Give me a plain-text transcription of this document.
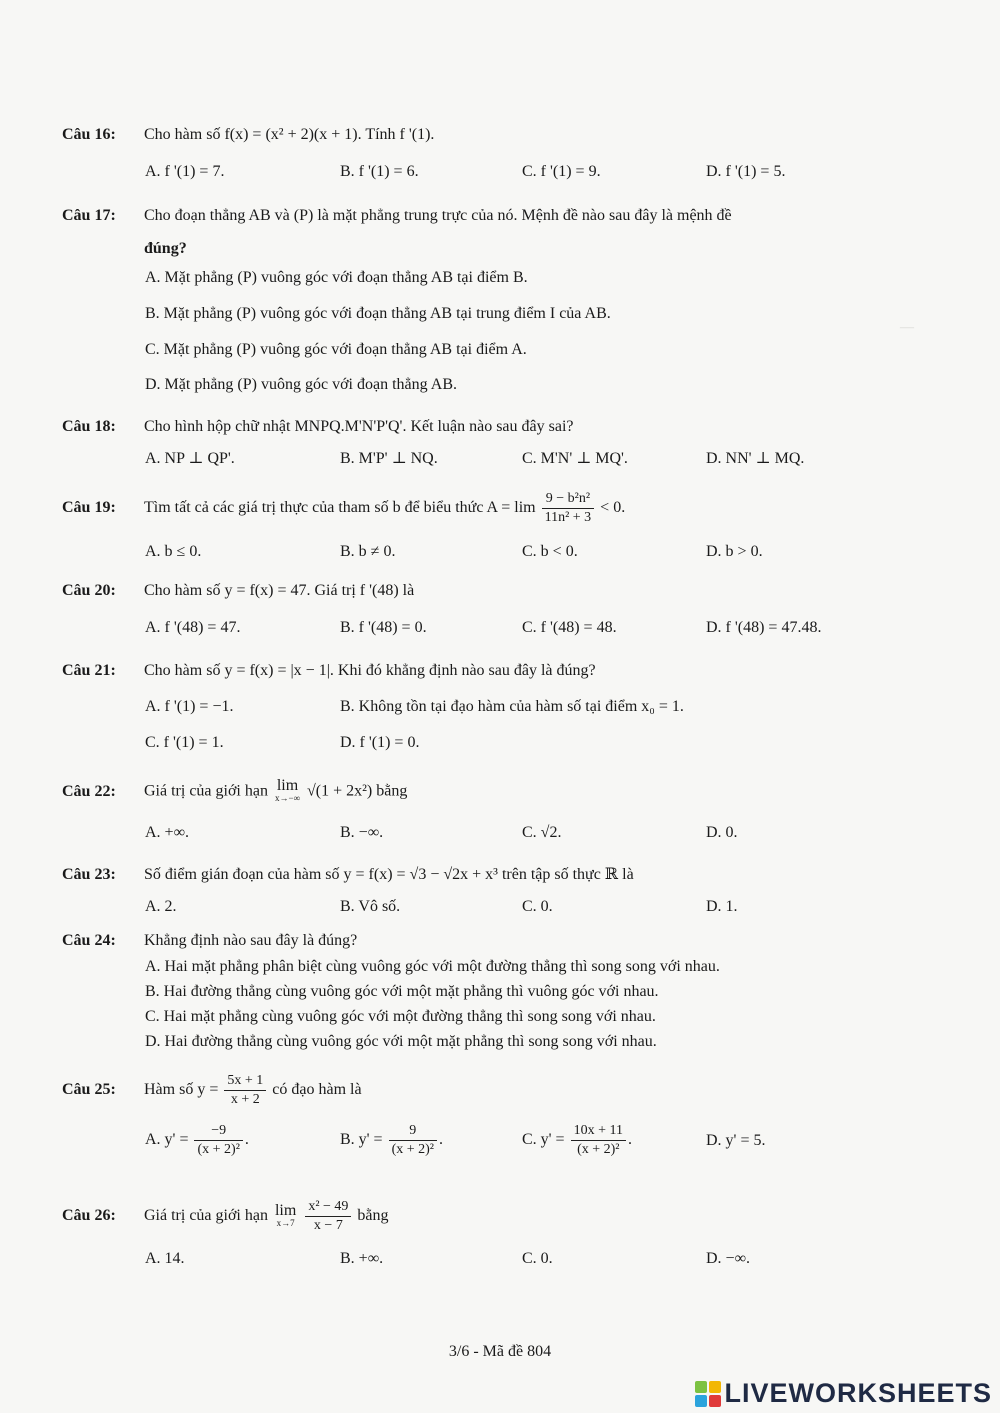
—
Câu 16: Cho hàm số f(x) = (x² + 2)(x + 1). Tính f '(1).
A. f '(1) = 7.	B. f '(1) = 6.	C. f '(1) = 9.	D. f '(1) = 5.
Câu 17: Cho đoạn thẳng AB và (P) là mặt phẳng trung trực của nó. Mệnh đề nào sau đây là mệnh đề
đúng?
A. Mặt phẳng (P) vuông góc với đoạn thẳng AB tại điểm B.
B. Mặt phẳng (P) vuông góc với đoạn thẳng AB tại trung điểm I của AB.
C. Mặt phẳng (P) vuông góc với đoạn thẳng AB tại điểm A.
D. Mặt phẳng (P) vuông góc với đoạn thẳng AB.
Câu 18: Cho hình hộp chữ nhật MNPQ.M'N'P'Q'. Kết luận nào sau đây sai?
A. NP ⊥ QP'.	B. M'P' ⊥ NQ.	C. M'N' ⊥ MQ'.	D. NN' ⊥ MQ.
Câu 19: Tìm tất cả các giá trị thực của tham số b để biểu thức $A = \lim \frac{\text{9 − b²n²}}{\text{11n² + 3}} < 0$.
A. b ≤ 0.	B. b ≠ 0.	C. b < 0.	D. b > 0.
Câu 20: Cho hàm số y = f(x) = 47. Giá trị f '(48) là
A. f '(48) = 47.	B. f '(48) = 0.	C. f '(48) = 48.	D. f '(48) = 47.48.
Câu 21: Cho hàm số y = f(x) = |x − 1|. Khi đó khẳng định nào sau đây là đúng?
A. f '(1) = −1.	B. Không tồn tại đạo hàm của hàm số tại điểm x₀ = 1.
C. f '(1) = 1.	D. f '(1) = 0.
Câu 22: Giá trị của giới hạn lim
x→−∞ √(1 + 2x²) bằng
A. +∞.	B. −∞.	C. √2.	D. 0.
Câu 23: Số điểm gián đoạn của hàm số y = f(x) = √3 − √2x + x³ trên tập số thực ℝ là
A. 2.	B. Vô số.	C. 0.	D. 1.
Câu 24: Khẳng định nào sau đây là đúng?
A. Hai mặt phẳng phân biệt cùng vuông góc với một đường thẳng thì song song với nhau.
B. Hai đường thẳng cùng vuông góc với một mặt phẳng thì vuông góc với nhau.
C. Hai mặt phẳng cùng vuông góc với một đường thẳng thì song song với nhau.
D. Hai đường thẳng cùng vuông góc với một mặt phẳng thì song song với nhau.
Câu 25: Hàm số $y = \frac{5x + 1}{x + 2}$ có đạo hàm là
A. $y' = \frac{-9}{\text{(x + 2)²}}$ .	B. $y' = \frac{9}{\text{(x + 2)²}}$ .	C. $y' = \frac{10x + 11}{\text{(x + 2)²}}$ .	D. y' = 5.
Câu 26: Giá trị của giới hạn lim
x→7
$\frac{\text{x² − 49}}{x - 7}$ bằng
A. 14.	B. +∞.	C. 0.	D. −∞.
3/6 - Mã đề 804
LIVEWORKSHEETS
